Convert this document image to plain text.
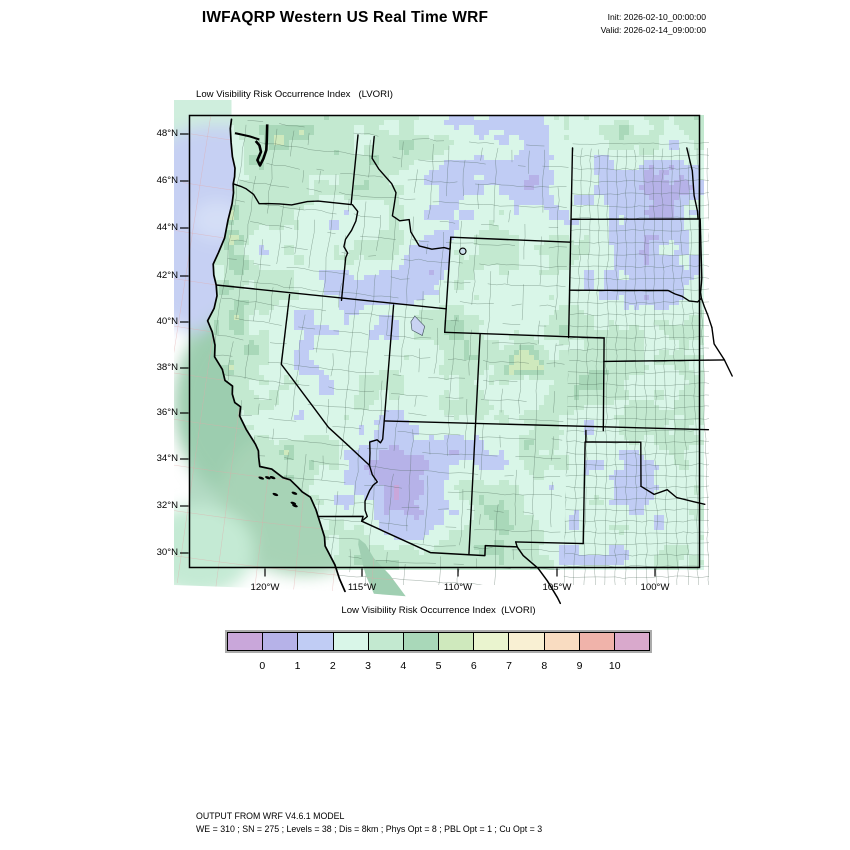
IWFAQRP Western US Real Time WRF	Init: 2026-02-10_00:00:00
Valid: 2026-02-14_09:00:00
Low Visibility Risk Occurrence Index   (LVORI)
48°N
46°N
44°N
42°N
40°N
38°N
36°N
34°N
32°N
30°N
120°W	115°W	110°W	105°W	100°W
Low Visibility Risk Occurrence Index  (LVORI)
0	1	2	3	4	5	6	7	8	9	10
OUTPUT FROM WRF V4.6.1 MODEL
WE = 310 ; SN = 275 ; Levels = 38 ; Dis = 8km ; Phys Opt = 8 ; PBL Opt = 1 ; Cu Opt = 3
